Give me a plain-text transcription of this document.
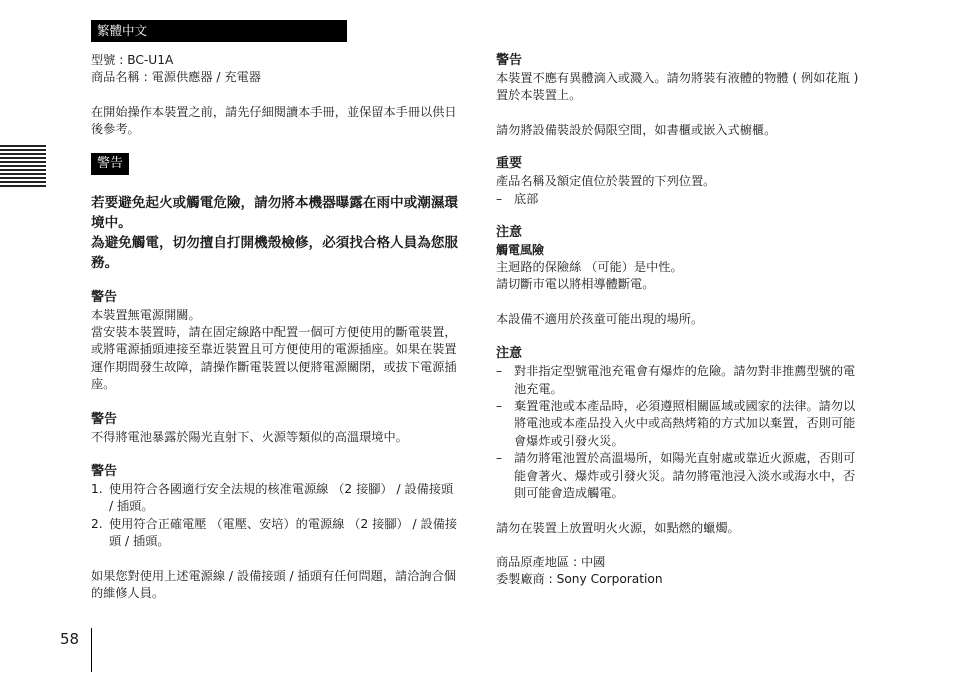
繁體中文

型號 : BC-U1A

商品名稱 : 電源供應器 / 充電器

在開始操作本裝置之前，請先仔細閱讀本手冊，並保留本手冊以供日後參考。

警告

若要避免起火或觸電危險，請勿將本機器曝露在雨中或潮濕環境中。

為避免觸電，切勿擅自打開機殼檢修，必須找合格人員為您服務。

警告

本裝置無電源開關。

當安裝本裝置時，請在固定線路中配置一個可方便使用的斷電裝置，或將電源插頭連接至靠近裝置且可方便使用的電源插座。如果在裝置運作期間發生故障，請操作斷電裝置以便將電源關閉，或拔下電源插座。

警告

不得將電池暴露於陽光直射下、火源等類似的高溫環境中。

警告
1. 使用符合各國適行安全法規的核准電源線 （2 接腳） / 設備接頭 / 插頭。
2. 使用符合正確電壓 （電壓、安培）的電源線 （2 接腳） / 設備接頭 / 插頭。

如果您對使用上述電源線 / 設備接頭 / 插頭有任何問題，請洽詢合個的維修人員。

警告

本裝置不應有異體滴入或濺入。請勿將裝有液體的物體 ( 例如花瓶 ) 置於本裝置上。

請勿將設備裝設於侷限空間，如書櫃或嵌入式櫥櫃。

重要

產品名稱及額定值位於裝置的下列位置。

– 底部
注意
觸電風險

主迴路的保險絲 （可能）是中性。

請切斷市電以將相導體斷電。

本設備不適用於孩童可能出現的場所。

注意
– 對非指定型號電池充電會有爆炸的危險。請勿對非推薦型號的電池充電。
– 棄置電池或本產品時，必須遵照相關區域或國家的法律。請勿以將電池或本產品投入火中或高熱烤箱的方式加以棄置，否則可能會爆炸或引發火災。
– 請勿將電池置於高溫場所，如陽光直射處或靠近火源處，否則可能會著火、爆炸或引發火災。請勿將電池浸入淡水或海水中，否則可能會造成觸電。

請勿在裝置上放置明火火源，如點燃的蠟燭。

商品原產地區 : 中國

委製廠商 : Sony Corporation

58
